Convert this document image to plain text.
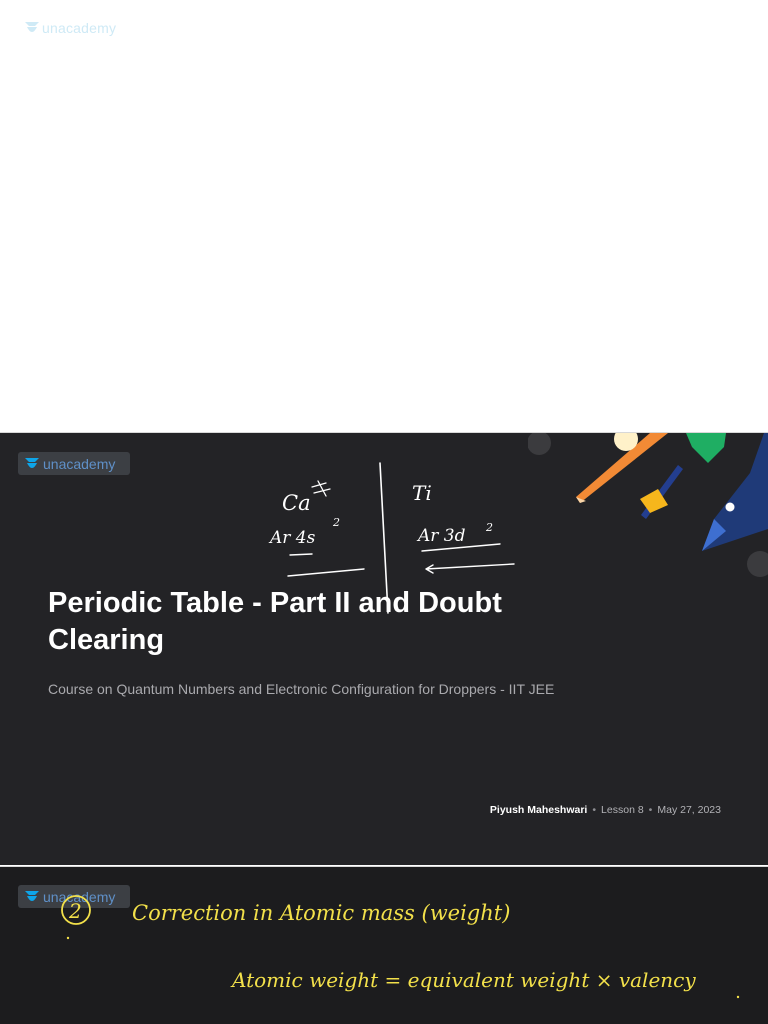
unacademy
unacademy
Ca
Ar 4s
2
Ti
Ar 3d 2
Periodic Table - Part II and Doubt Clearing

Course on Quantum Numbers and Electronic Configuration for Droppers - IIT JEE

Piyush Maheshwari • Lesson 8 • May 27, 2023
unacademy
2 Correction in Atomic mass (weight)
Atomic weight = equivalent weight × valency
